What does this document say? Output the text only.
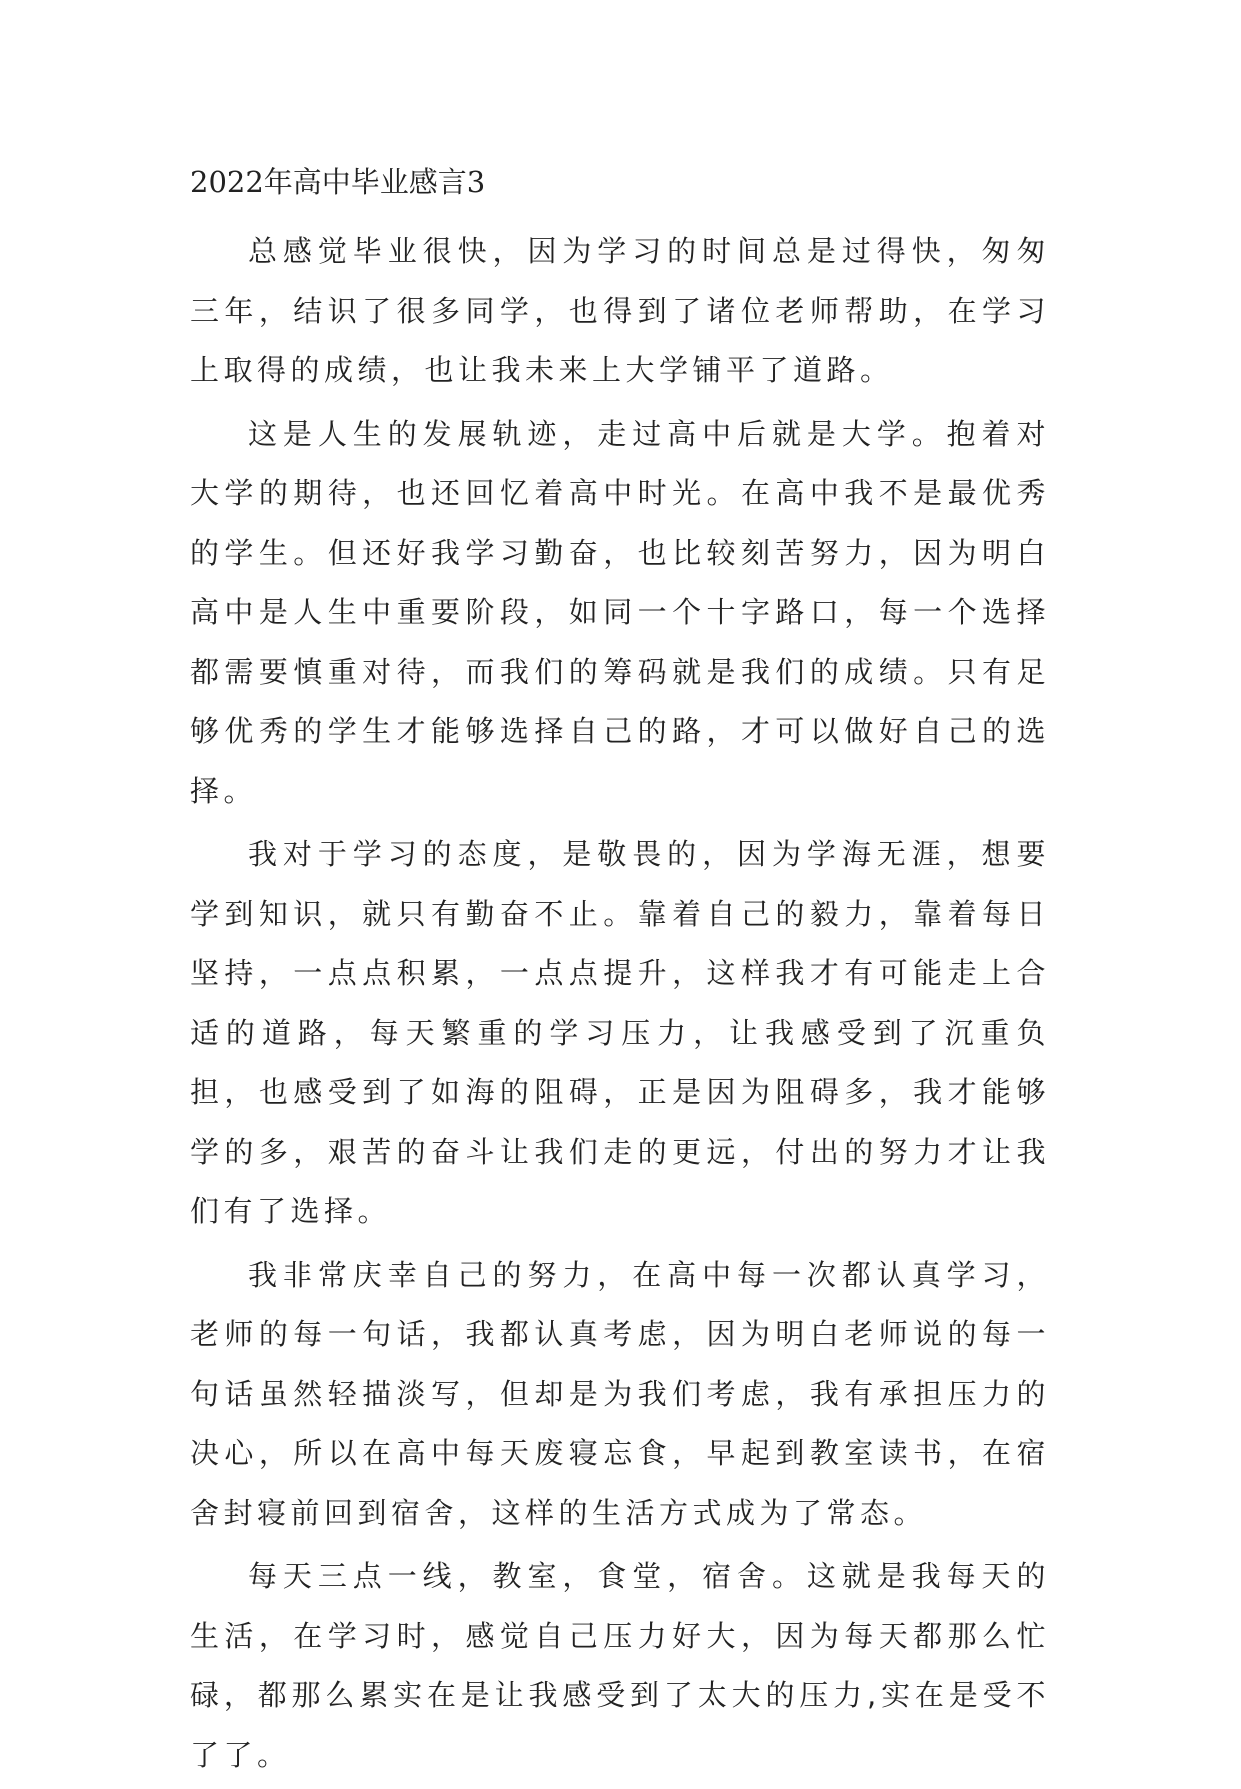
2022年高中毕业感言3

总感觉毕业很快，因为学习的时间总是过得快，匆匆三年，结识了很多同学，也得到了诸位老师帮助，在学习上取得的成绩，也让我未来上大学铺平了道路。

这是人生的发展轨迹，走过高中后就是大学。抱着对大学的期待，也还回忆着高中时光。在高中我不是最优秀的学生。但还好我学习勤奋，也比较刻苦努力，因为明白高中是人生中重要阶段，如同一个十字路口，每一个选择都需要慎重对待，而我们的筹码就是我们的成绩。只有足够优秀的学生才能够选择自己的路，才可以做好自己的选择。

我对于学习的态度，是敬畏的，因为学海无涯，想要学到知识，就只有勤奋不止。靠着自己的毅力，靠着每日坚持，一点点积累，一点点提升，这样我才有可能走上合适的道路，每天繁重的学习压力，让我感受到了沉重负担，也感受到了如海的阻碍，正是因为阻碍多，我才能够学的多，艰苦的奋斗让我们走的更远，付出的努力才让我们有了选择。

我非常庆幸自己的努力，在高中每一次都认真学习，老师的每一句话，我都认真考虑，因为明白老师说的每一句话虽然轻描淡写，但却是为我们考虑，我有承担压力的决心，所以在高中每天废寝忘食，早起到教室读书，在宿舍封寝前回到宿舍，这样的生活方式成为了常态。

每天三点一线，教室，食堂，宿舍。这就是我每天的生活，在学习时，感觉自己压力好大，因为每天都那么忙碌，都那么累实在是让我感受到了太大的压力,实在是受不了了。
